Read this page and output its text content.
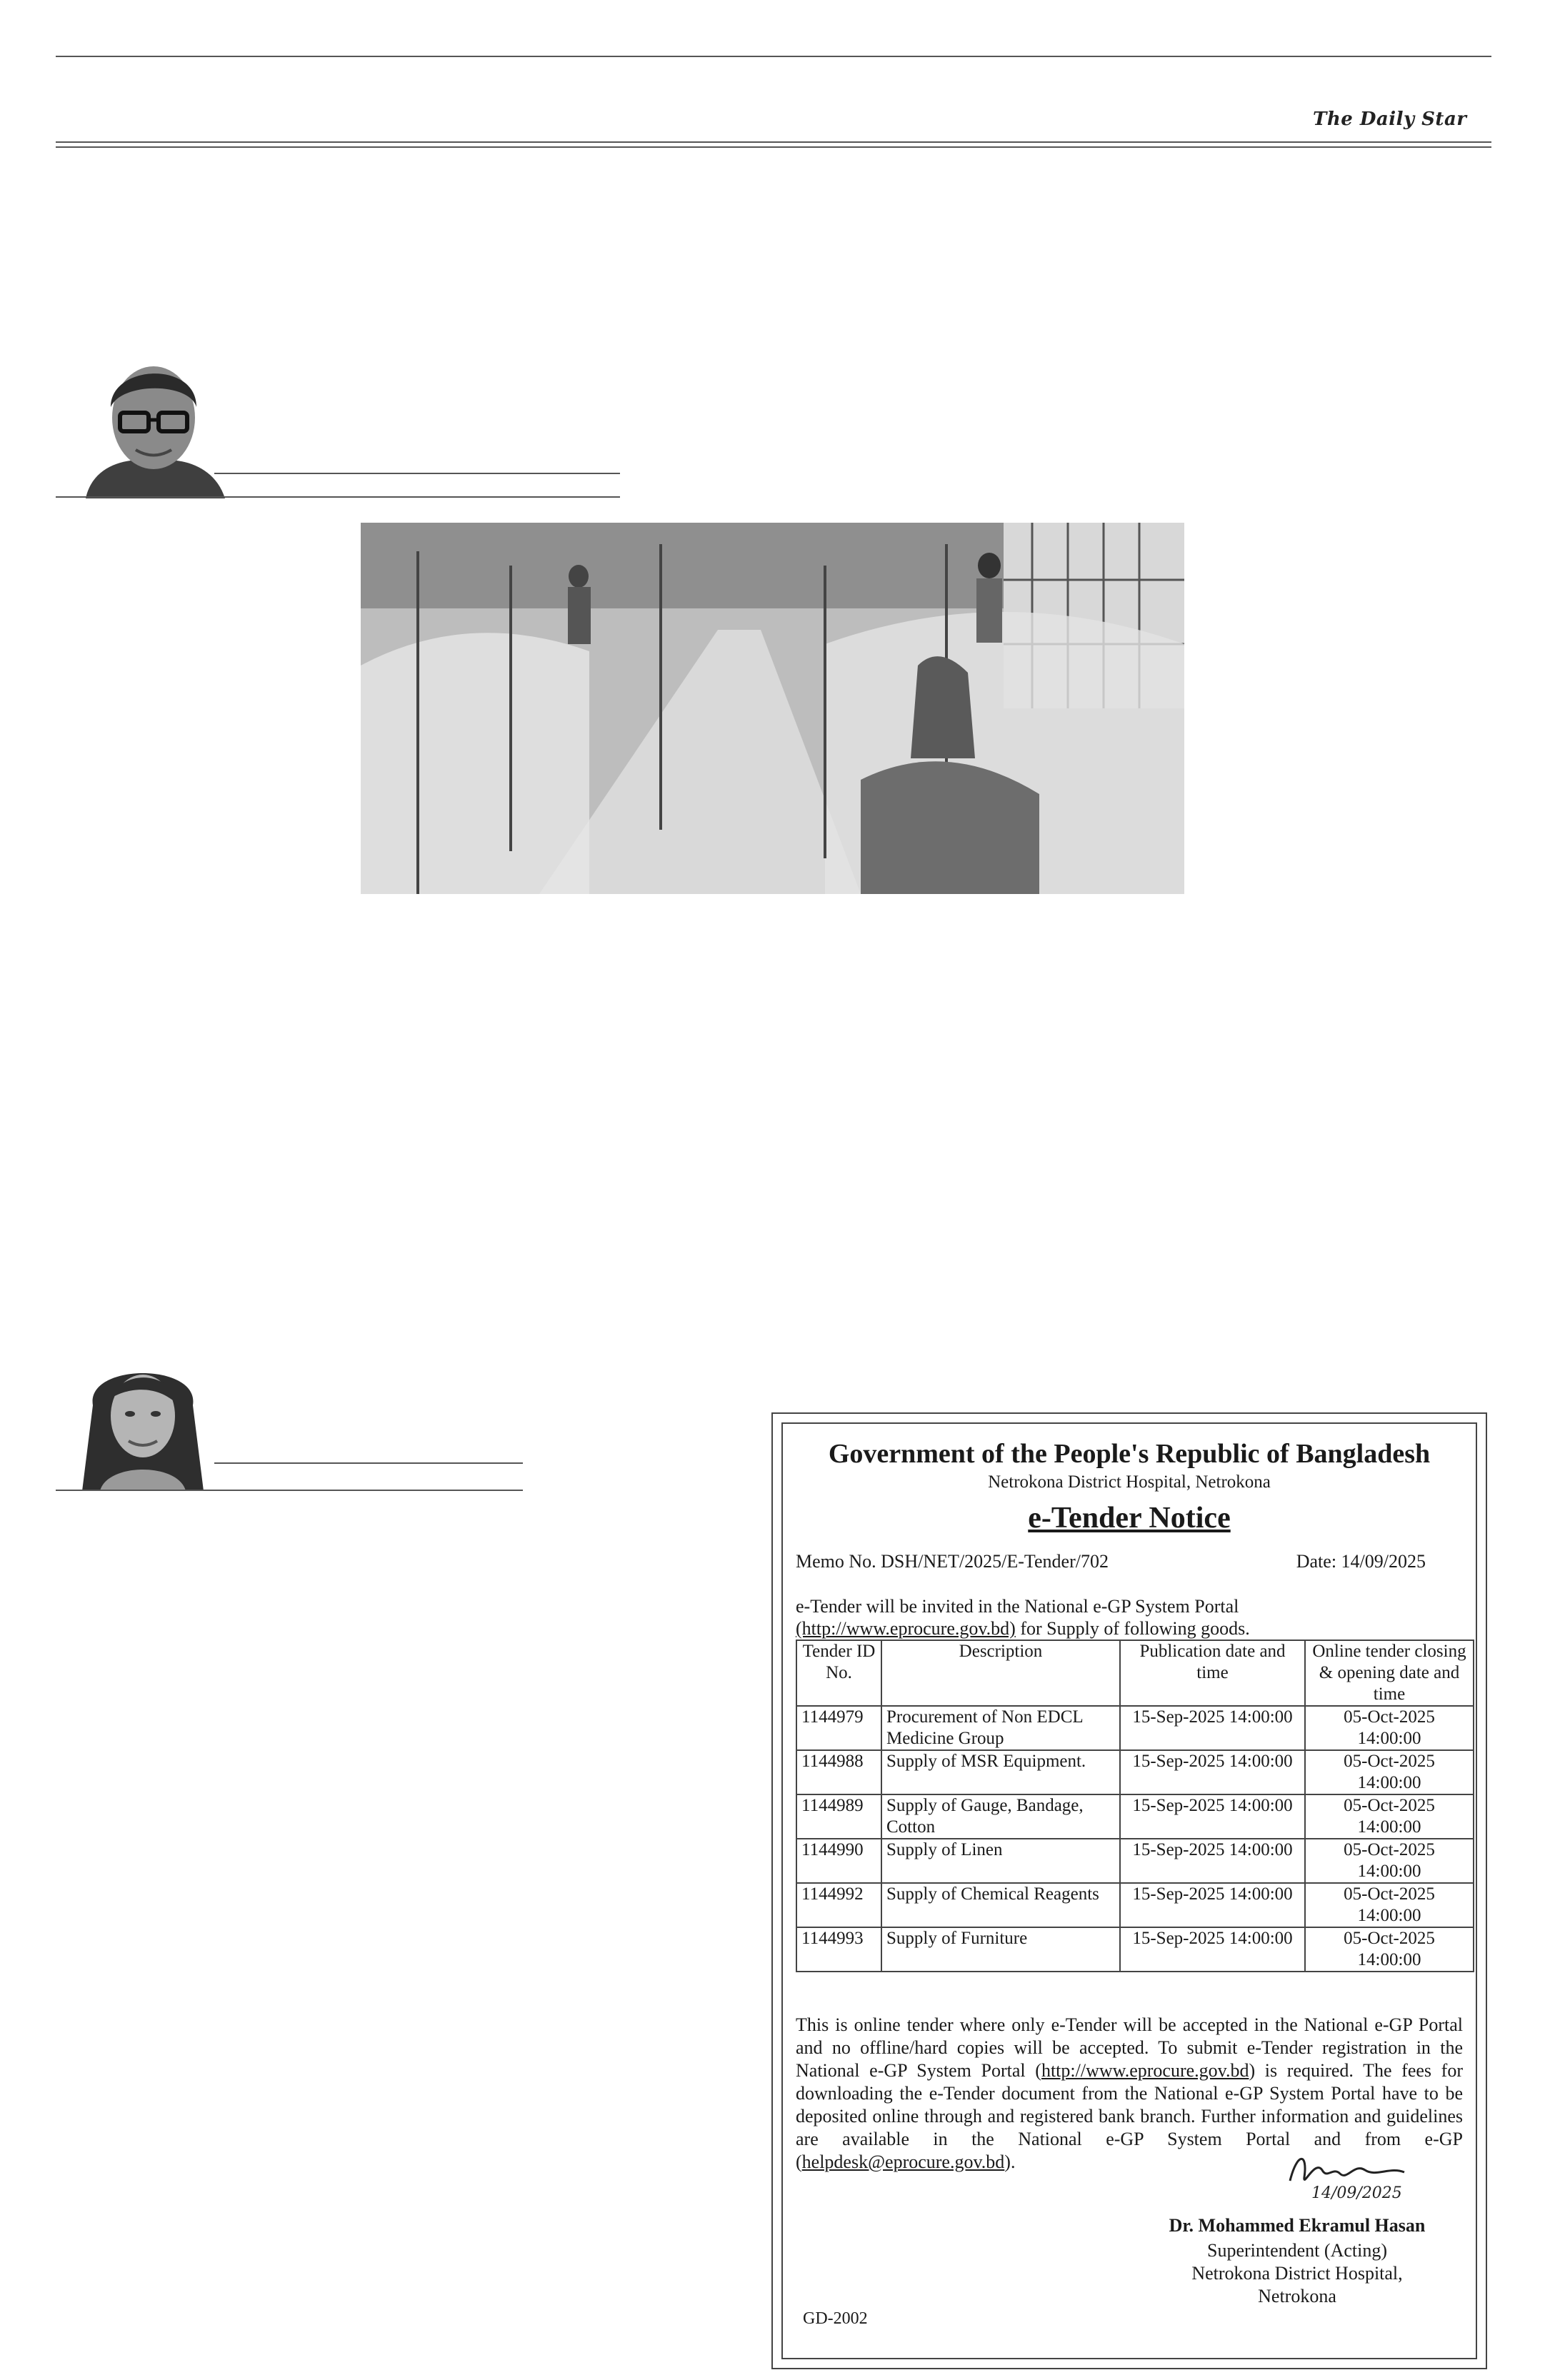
The Daily Star
Government of the People's Republic of Bangladesh
Netrokona District Hospital, Netrokona
e-Tender Notice
Memo No. DSH/NET/2025/E-Tender/702	Date: 14/09/2025
e-Tender will be invited in the National e-GP System Portal
(http://www.eprocure.gov.bd) for Supply of following goods.
Tender ID No.	Description	Publication date and time	Online tender closing & opening date and time
1144979	Procurement of Non EDCL Medicine Group	15-Sep-2025 14:00:00	05-Oct-2025 14:00:00
1144988	Supply of MSR Equipment.	15-Sep-2025 14:00:00	05-Oct-2025 14:00:00
1144989	Supply of Gauge, Bandage, Cotton	15-Sep-2025 14:00:00	05-Oct-2025 14:00:00
1144990	Supply of Linen	15-Sep-2025 14:00:00	05-Oct-2025 14:00:00
1144992	Supply of Chemical Reagents	15-Sep-2025 14:00:00	05-Oct-2025 14:00:00
1144993	Supply of Furniture	15-Sep-2025 14:00:00	05-Oct-2025 14:00:00
This is online tender where only e-Tender will be accepted in the National e-GP Portal and no offline/hard copies will be accepted. To submit e-Tender registration in the National e-GP System Portal (http://www.eprocure.gov.bd) is required. The fees for downloading the e-Tender document from the National e-GP System Portal have to be deposited online through and registered bank branch. Further information and guidelines are available in the National e-GP System Portal and from e-GP (helpdesk@eprocure.gov.bd).
14/09/2025
Dr. Mohammed Ekramul Hasan
Superintendent (Acting)
Netrokona District Hospital,
Netrokona
GD-2002
